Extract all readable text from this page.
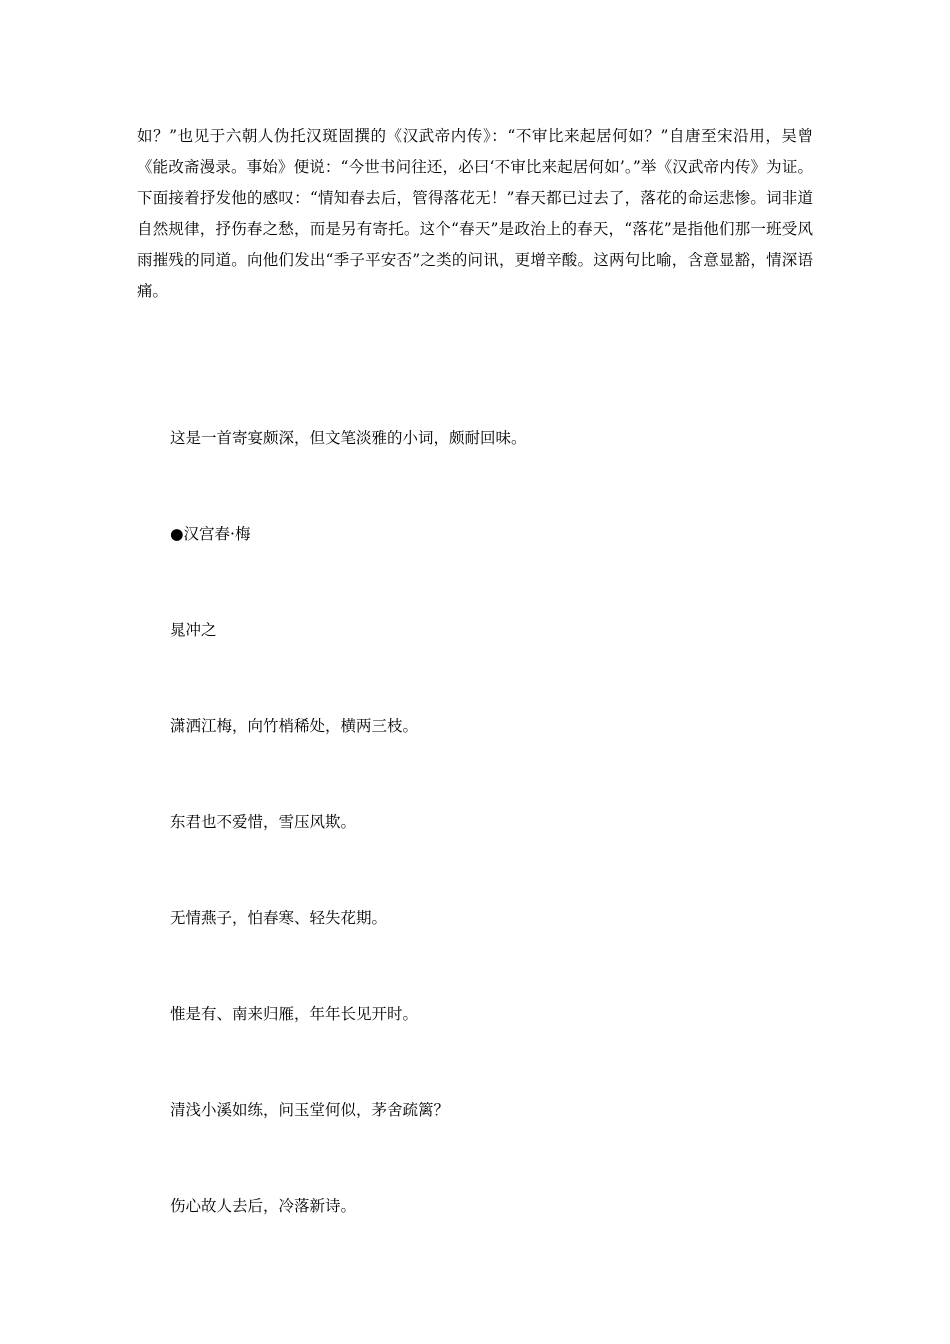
如？”也见于六朝人伪托汉斑固撰的《汉武帝内传》：“不审比来起居何如？”自唐至宋沿用，吴曾《能改斋漫录。事始》便说：“今世书问往还，必曰‘不审比来起居何如’。”举《汉武帝内传》为证。下面接着抒发他的感叹：“情知春去后，管得落花无！”春天都已过去了，落花的命运悲惨。词非道自然规律，抒伤春之愁，而是另有寄托。这个“春天”是政治上的春天，“落花”是指他们那一班受风雨摧残的同道。向他们发出“季子平安否”之类的问讯，更增辛酸。这两句比喻，含意显豁，情深语痛。

这是一首寄宴颇深，但文笔淡雅的小词，颇耐回味。

●汉宫春·梅

晁冲之

潇洒江梅，向竹梢稀处，横两三枝。

东君也不爱惜，雪压风欺。

无情燕子，怕春寒、轻失花期。

惟是有、南来归雁，年年长见开时。

清浅小溪如练，问玉堂何似，茅舍疏篱？

伤心故人去后，冷落新诗。
